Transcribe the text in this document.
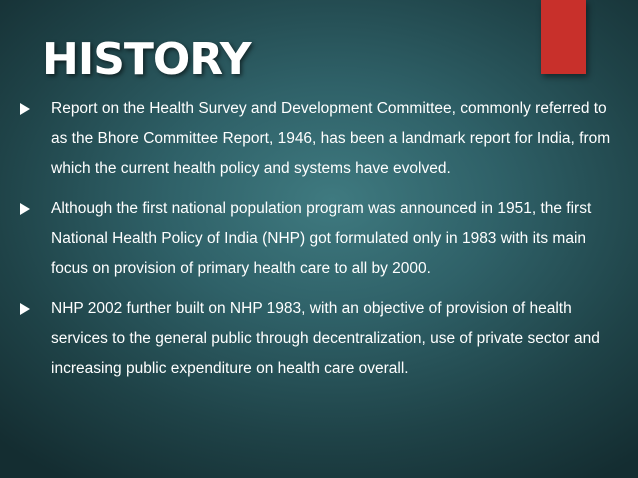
HISTORY

Report on the Health Survey and Development Committee, commonly referred to as the Bhore Committee Report, 1946, has been a landmark report for India, from which the current health policy and systems have evolved.

Although the first national population program was announced in 1951, the first National Health Policy of India (NHP) got formulated only in 1983 with its main focus on provision of primary health care to all by 2000.

NHP 2002 further built on NHP 1983, with an objective of provision of health services to the general public through decentralization, use of private sector and increasing public expenditure on health care overall.
